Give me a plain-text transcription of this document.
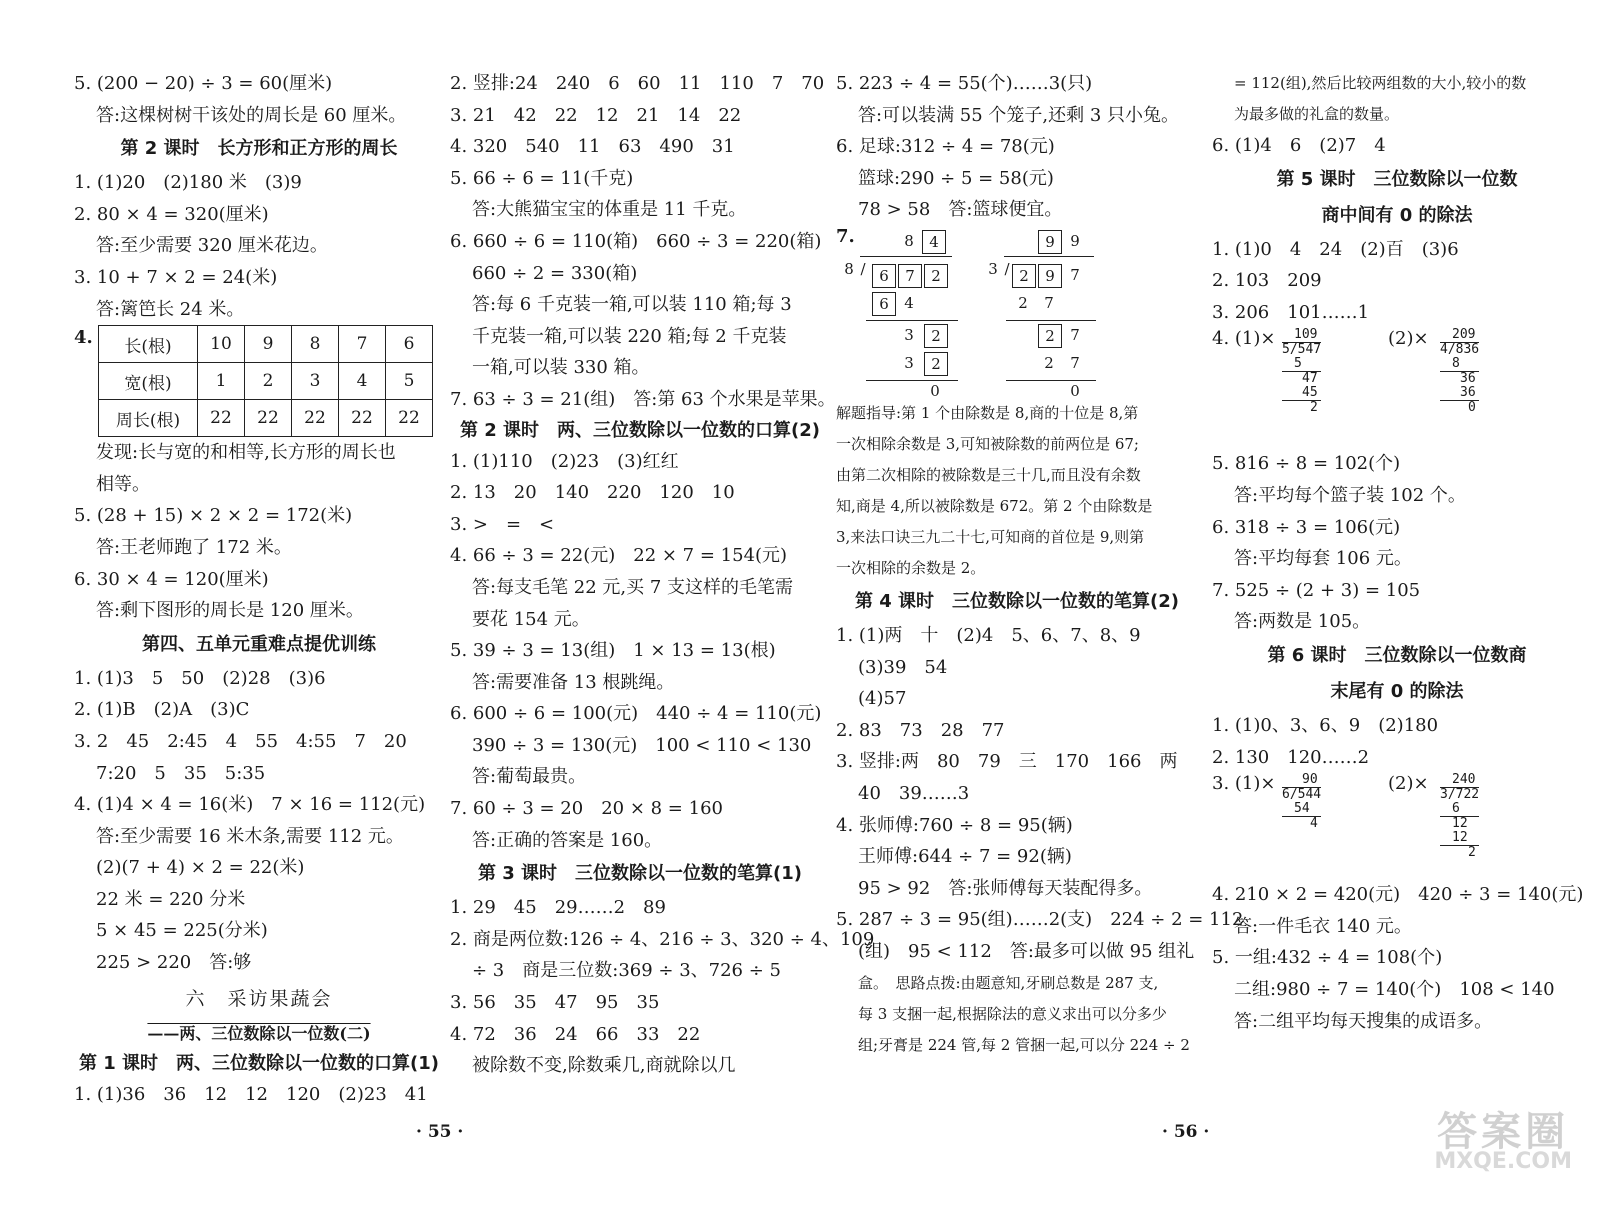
5. (200 − 20) ÷ 3 = 60(厘米)
答:这棵树树干该处的周长是 60 厘米。
第 2 课时　长方形和正方形的周长
1. (1)20　(2)180 米　(3)9
2. 80 × 4 = 320(厘米)
答:至少需要 320 厘米花边。
3. 10 + 7 × 2 = 24(米)
答:篱笆长 24 米。
4. 长(根)	10	9	8	7	6
宽(根)	1	2	3	4	5
周长(根)	22	22	22	22	22
发现:长与宽的和相等,长方形的周长也
相等。
5. (28 + 15) × 2 × 2 = 172(米)
答:王老师跑了 172 米。
6. 30 × 4 = 120(厘米)
答:剩下图形的周长是 120 厘米。
第四、五单元重难点提优训练
1. (1)3　5　50　(2)28　(3)6
2. (1)B　(2)A　(3)C
3. 2　45　2:45　4　55　4:55　7　20
7:20　5　35　5:35
4. (1)4 × 4 = 16(米)　7 × 16 = 112(元)
答:至少需要 16 米木条,需要 112 元。
(2)(7 + 4) × 2 = 22(米)
22 米 = 220 分米
5 × 45 = 225(分米)
225 > 220　答:够
六　采访果蔬会
——两、三位数除以一位数(二)
第 1 课时　两、三位数除以一位数的口算(1)
1. (1)36　36　12　12　120　(2)23　41
2. 竖排:24　240　6　60　11　110　7　70
3. 21　42　22　12　21　14　22
4. 320　540　11　63　490　31
5. 66 ÷ 6 = 11(千克)
答:大熊猫宝宝的体重是 11 千克。
6. 660 ÷ 6 = 110(箱)　660 ÷ 3 = 220(箱)
660 ÷ 2 = 330(箱)
答:每 6 千克装一箱,可以装 110 箱;每 3
千克装一箱,可以装 220 箱;每 2 千克装
一箱,可以装 330 箱。
7. 63 ÷ 3 = 21(组)　答:第 63 个水果是苹果。
第 2 课时　两、三位数除以一位数的口算(2)
1. (1)110　(2)23　(3)红红
2. 13　20　140　220　120　10
3. >　=　<
4. 66 ÷ 3 = 22(元)　22 × 7 = 154(元)
答:每支毛笔 22 元,买 7 支这样的毛笔需
要花 154 元。
5. 39 ÷ 3 = 13(组)　1 × 13 = 13(根)
答:需要准备 13 根跳绳。
6. 600 ÷ 6 = 100(元)　440 ÷ 4 = 110(元)
390 ÷ 3 = 130(元)　100 < 110 < 130
答:葡萄最贵。
7. 60 ÷ 3 = 20　20 × 8 = 160
答:正确的答案是 160。
第 3 课时　三位数除以一位数的笔算(1)
1. 29　45　29……2　89
2. 商是两位数:126 ÷ 4、216 ÷ 3、320 ÷ 4、109
÷ 3　商是三位数:369 ÷ 3、726 ÷ 5
3. 56　35　47　95　35
4. 72　36　24　66　33　22
被除数不变,除数乘几,商就除以几
5. 223 ÷ 4 = 55(个)……3(只)
答:可以装满 55 个笼子,还剩 3 只小兔。
6. 足球:312 ÷ 4 = 78(元)
篮球:290 ÷ 5 = 58(元)
78 > 58　答:篮球便宜。
7.	8	4
8 / 6	7	2
6	4
3	2
3	2
0
9	9
3 / 2	9	7
2	7
2	7
2	7
0
解题指导:第 1 个由除数是 8,商的十位是 8,第
一次相除余数是 3,可知被除数的前两位是 67;
由第二次相除的被除数是三十几,而且没有余数
知,商是 4,所以被除数是 672。第 2 个由除数是
3,来法口诀三九二十七,可知商的首位是 9,则第
一次相除的余数是 2。
第 4 课时　三位数除以一位数的笔算(2)
1. (1)两　十　(2)4　5、6、7、8、9
(3)39　54
(4)57
2. 83　73　28　77
3. 竖排:两　80　79　三　170　166　两
40　39……3
4. 张师傅:760 ÷ 8 = 95(辆)
王师傅:644 ÷ 7 = 92(辆)
95 > 92　答:张师傅每天装配得多。
5. 287 ÷ 3 = 95(组)……2(支)　224 ÷ 2 = 112
(组)　95 < 112　答:最多可以做 95 组礼
盒。　思路点拨:由题意知,牙刷总数是 287 支,
每 3 支捆一起,根据除法的意义求出可以分多少
组;牙膏是 224 管,每 2 管捆一起,可以分 224 ÷ 2
= 112(组),然后比较两组数的大小,较小的数
为最多做的礼盒的数量。
6. (1)4　6　(2)7　4
第 5 课时　三位数除以一位数
商中间有 0 的除法
1. (1)0　4　24　(2)百　(3)6
2. 103　209
3. 206　101……1
4. (1)×	109
5/547
5
47
45
2
(2)×	209
4/836
8
36
36
0
5. 816 ÷ 8 = 102(个)
答:平均每个篮子装 102 个。
6. 318 ÷ 3 = 106(元)
答:平均每套 106 元。
7. 525 ÷ (2 + 3) = 105
答:两数是 105。
第 6 课时　三位数除以一位数商
末尾有 0 的除法
1. (1)0、3、6、9　(2)180
2. 130　120……2
3. (1)×	90
6/544
54
4
(2)×	240
3/722
6
12
12
2
4. 210 × 2 = 420(元)　420 ÷ 3 = 140(元)
答:一件毛衣 140 元。
5. 一组:432 ÷ 4 = 108(个)
二组:980 ÷ 7 = 140(个)　108 < 140
答:二组平均每天搜集的成语多。
· 55 ·	· 56 ·	答案圈
MXQE.COM
